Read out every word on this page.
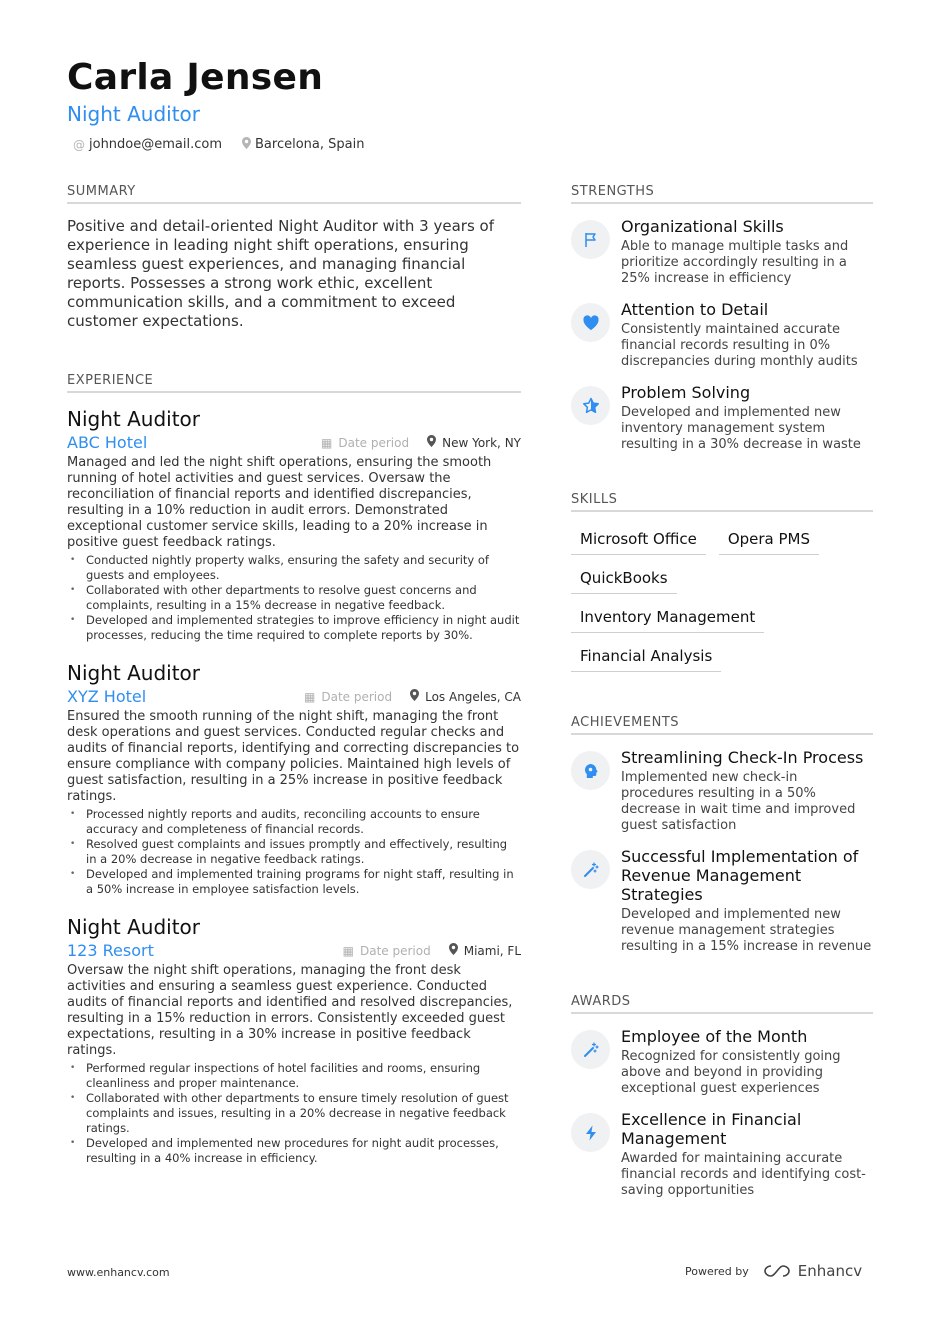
Carla Jensen
Night Auditor
@ johndoe@email.com	Barcelona, Spain
SUMMARY

Positive and detail-oriented Night Auditor with 3 years of experience in leading night shift operations, ensuring seamless guest experiences, and managing financial reports. Possesses a strong work ethic, excellent communication skills, and a commitment to exceed customer expectations.

EXPERIENCE
Night Auditor
ABC Hotel	▦ Date period	New York, NY

Managed and led the night shift operations, ensuring the smooth running of hotel activities and guest services. Oversaw the reconciliation of financial reports and identified discrepancies, resulting in a 10% reduction in audit errors. Demonstrated exceptional customer service skills, leading to a 20% increase in positive guest feedback ratings.

• Conducted nightly property walks, ensuring the safety and security of guests and employees.
• Collaborated with other departments to resolve guest concerns and complaints, resulting in a 15% decrease in negative feedback.
• Developed and implemented strategies to improve efficiency in night audit processes, reducing the time required to complete reports by 30%.
Night Auditor
XYZ Hotel	▦ Date period	Los Angeles, CA

Ensured the smooth running of the night shift, managing the front desk operations and guest services. Conducted regular checks and audits of financial reports, identifying and correcting discrepancies to ensure compliance with company policies. Maintained high levels of guest satisfaction, resulting in a 25% increase in positive feedback ratings.

• Processed nightly reports and audits, reconciling accounts to ensure accuracy and completeness of financial records.
• Resolved guest complaints and issues promptly and effectively, resulting in a 20% decrease in negative feedback ratings.
• Developed and implemented training programs for night staff, resulting in a 50% increase in employee satisfaction levels.
Night Auditor
123 Resort	▦ Date period	Miami, FL

Oversaw the night shift operations, managing the front desk activities and ensuring a seamless guest experience. Conducted audits of financial reports and identified and resolved discrepancies, resulting in a 15% reduction in errors. Consistently exceeded guest expectations, resulting in a 30% increase in positive feedback ratings.

• Performed regular inspections of hotel facilities and rooms, ensuring cleanliness and proper maintenance.
• Collaborated with other departments to ensure timely resolution of guest complaints and issues, resulting in a 20% decrease in negative feedback ratings.
• Developed and implemented new procedures for night audit processes, resulting in a 40% increase in efficiency.
STRENGTHS
Organizational Skills
Able to manage multiple tasks and prioritize accordingly resulting in a 25% increase in efficiency
Attention to Detail
Consistently maintained accurate financial records resulting in 0% discrepancies during monthly audits
Problem Solving
Developed and implemented new inventory management system resulting in a 30% decrease in waste
SKILLS
Microsoft Office	Opera PMS
QuickBooks
Inventory Management
Financial Analysis
ACHIEVEMENTS
Streamlining Check-In Process
Implemented new check-in procedures resulting in a 50% decrease in wait time and improved guest satisfaction
Successful Implementation of Revenue Management Strategies
Developed and implemented new revenue management strategies resulting in a 15% increase in revenue
AWARDS
Employee of the Month
Recognized for consistently going above and beyond in providing exceptional guest experiences
Excellence in Financial Management
Awarded for maintaining accurate financial records and identifying cost-saving opportunities
www.enhancv.com	Powered by	Enhancv
